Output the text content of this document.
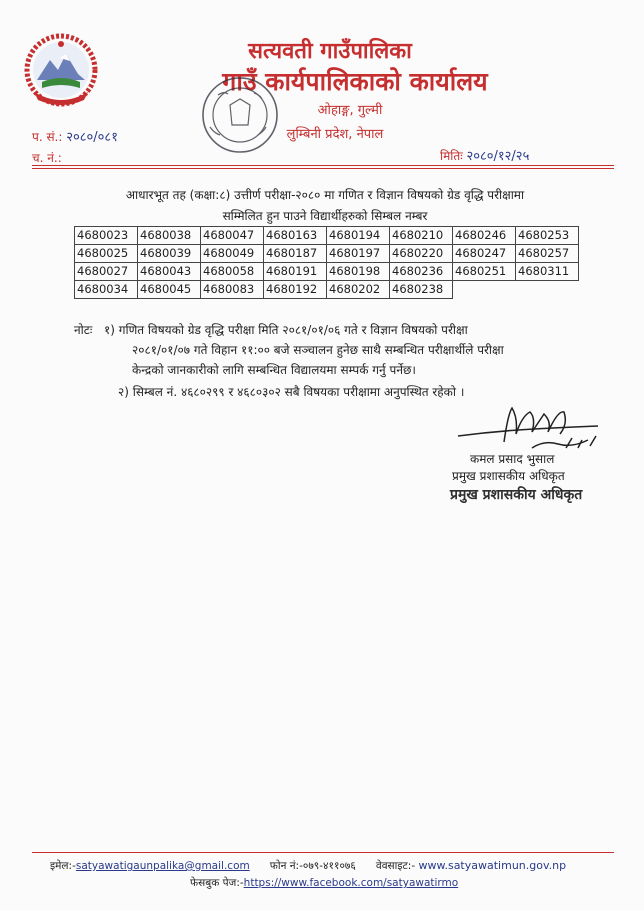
सत्यवती गाउँपालिका
गाउँ कार्यपालिकाको कार्यालय
ओहाङ्ग, गुल्मी
लुम्बिनी प्रदेश, नेपाल
प. सं.: २०८०/०८१
च. नं.:	मितिः २०८०/१२/२५
आधारभूत तह (कक्षा:८) उत्तीर्ण परीक्षा-२०८० मा गणित र विज्ञान विषयको ग्रेड वृद्धि परीक्षामा
सम्मिलित हुन पाउने विद्यार्थीहरुको सिम्बल नम्बर
4680023	4680038	4680047	4680163	4680194	4680210	4680246	4680253
4680025	4680039	4680049	4680187	4680197	4680220	4680247	4680257
4680027	4680043	4680058	4680191	4680198	4680236	4680251	4680311
4680034	4680045	4680083	4680192	4680202	4680238		
नोटः १) गणित विषयको ग्रेड वृद्धि परीक्षा मिति २०८१/०१/०६ गते र विज्ञान विषयको परीक्षा
२०८१/०१/०७ गते विहान ११:०० बजे सञ्चालन हुनेछ साथै सम्बन्धित परीक्षार्थीले परीक्षा
केन्द्रको जानकारीको लागि सम्बन्धित विद्यालयमा सम्पर्क गर्नु पर्नेछ।
२) सिम्बल नं. ४६८०२९९ र ४६८०३०२ सबै विषयका परीक्षामा अनुपस्थित रहेको ।
कमल प्रसाद भुसाल
प्रमुख प्रशासकीय अधिकृत
प्रमुख प्रशासकीय अधिकृत
इमेल:-satyawatigaunpalika@gmail.com फोन नं:-०७९-४११०७६ वेवसाइट:- www.satyawatimun.gov.np
फेसबुक पेज:-https://www.facebook.com/satyawatirmo
